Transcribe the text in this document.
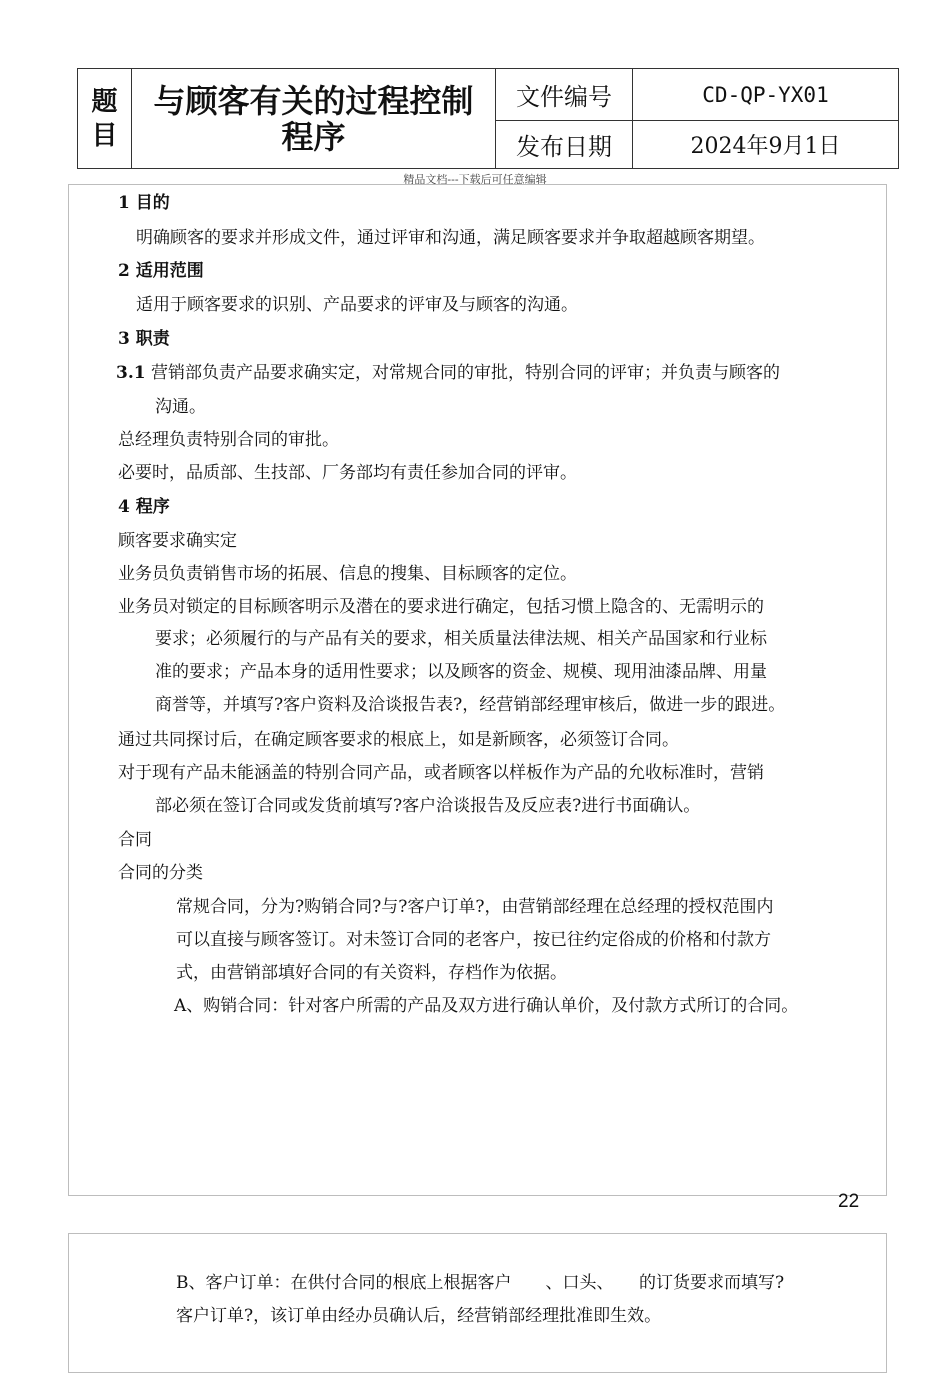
题目
与顾客有关的过程控制程序
文件编号	CD-QP-YX01
发布日期	2024年9月1日
精品文档---下载后可任意编辑
22
1 目的
明确顾客的要求并形成文件，通过评审和沟通，满足顾客要求并争取超越顾客期望。
2 适用范围
适用于顾客要求的识别、产品要求的评审及与顾客的沟通。
3 职责
3.1 营销部负责产品要求确实定，对常规合同的审批，特别合同的评审；并负责与顾客的
沟通。
总经理负责特别合同的审批。
必要时，品质部、生技部、厂务部均有责任参加合同的评审。
4 程序
顾客要求确实定
业务员负责销售市场的拓展、信息的搜集、目标顾客的定位。
业务员对锁定的目标顾客明示及潜在的要求进行确定，包括习惯上隐含的、无需明示的
要求；必须履行的与产品有关的要求，相关质量法律法规、相关产品国家和行业标
准的要求；产品本身的适用性要求；以及顾客的资金、规模、现用油漆品牌、用量
商誉等，并填写?客户资料及洽谈报告表?，经营销部经理审核后，做进一步的跟进。
通过共同探讨后，在确定顾客要求的根底上，如是新顾客，必须签订合同。
对于现有产品未能涵盖的特别合同产品，或者顾客以样板作为产品的允收标准时，营销
部必须在签订合同或发货前填写?客户洽谈报告及反应表?进行书面确认。
合同
合同的分类
常规合同，分为?购销合同?与?客户订单?，由营销部经理在总经理的授权范围内
可以直接与顾客签订。对未签订合同的老客户，按已往约定俗成的价格和付款方
式，由营销部填好合同的有关资料，存档作为依据。
A、购销合同：针对客户所需的产品及双方进行确认单价，及付款方式所订的合同。
B、客户订单：在供付合同的根底上根据客户　　、口头、　　的订货要求而填写?
客户订单?，该订单由经办员确认后，经营销部经理批准即生效。
